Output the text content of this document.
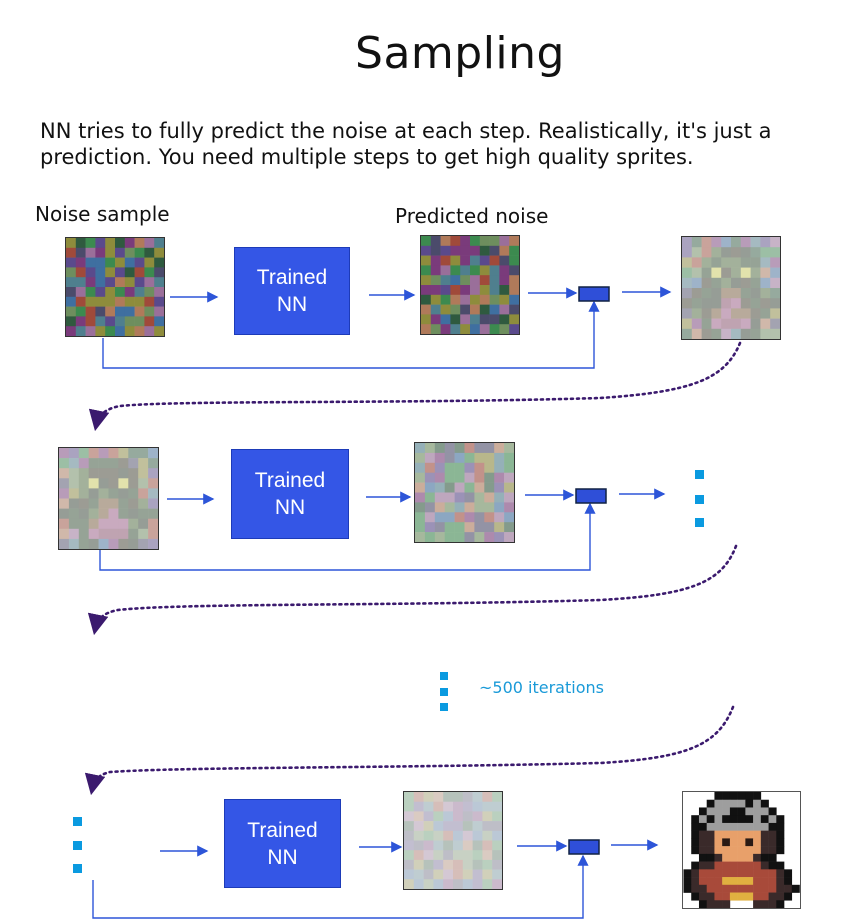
Sampling
NN tries to fully predict the noise at each step. Realistically, it's just a prediction. You need multiple steps to get high quality sprites.
Noise sample	Predicted noise
Trained
NN
Trained
NN
Trained
NN
~500 iterations
